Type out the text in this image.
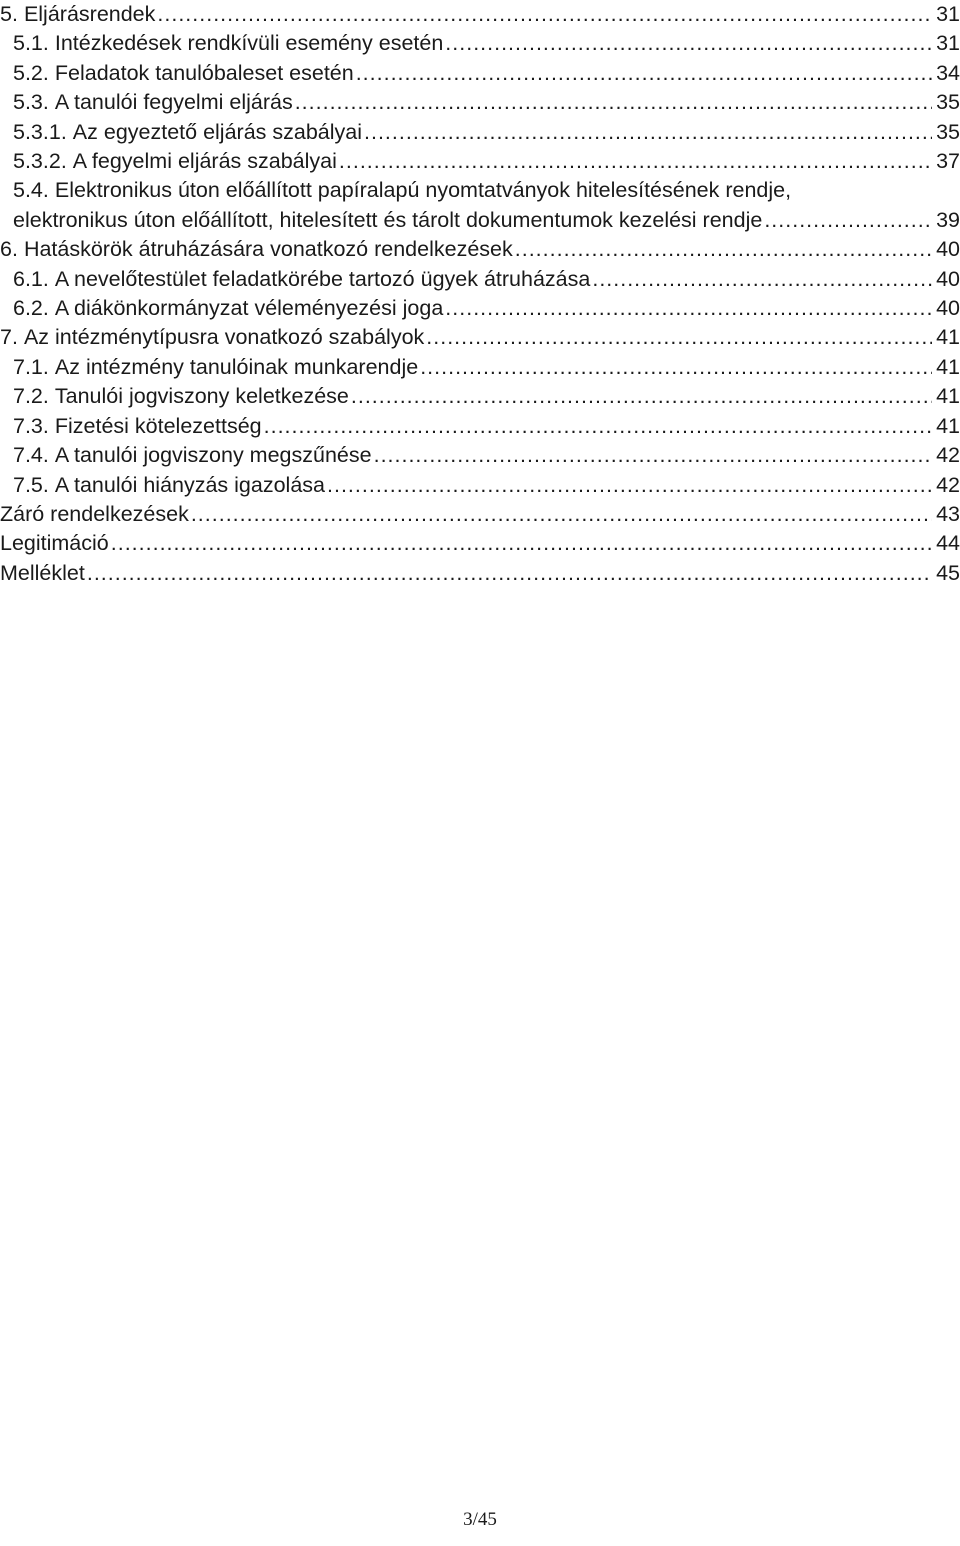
5. Eljárásrendek .....	31
5.1. Intézkedések rendkívüli esemény esetén .....	31
5.2. Feladatok tanulóbaleset esetén .....	34
5.3. A tanulói fegyelmi eljárás .....	35
5.3.1. Az egyeztető eljárás szabályai .....	35
5.3.2. A fegyelmi eljárás szabályai .....	37
5.4. Elektronikus úton előállított papíralapú nyomtatványok hitelesítésének rendje,
elektronikus úton előállított, hitelesített és tárolt dokumentumok kezelési rendje .....	39
6. Hatáskörök átruházására vonatkozó rendelkezések .....	40
6.1. A nevelőtestület feladatkörébe tartozó ügyek átruházása .....	40
6.2. A diákönkormányzat véleményezési joga .....	40
7. Az intézménytípusra vonatkozó szabályok .....	41
7.1. Az intézmény tanulóinak munkarendje .....	41
7.2. Tanulói jogviszony keletkezése .....	41
7.3. Fizetési kötelezettség .....	41
7.4. A tanulói jogviszony megszűnése .....	42
7.5. A tanulói hiányzás igazolása .....	42
Záró rendelkezések .....	43
Legitimáció .....	44
Melléklet .....	45
3/45
